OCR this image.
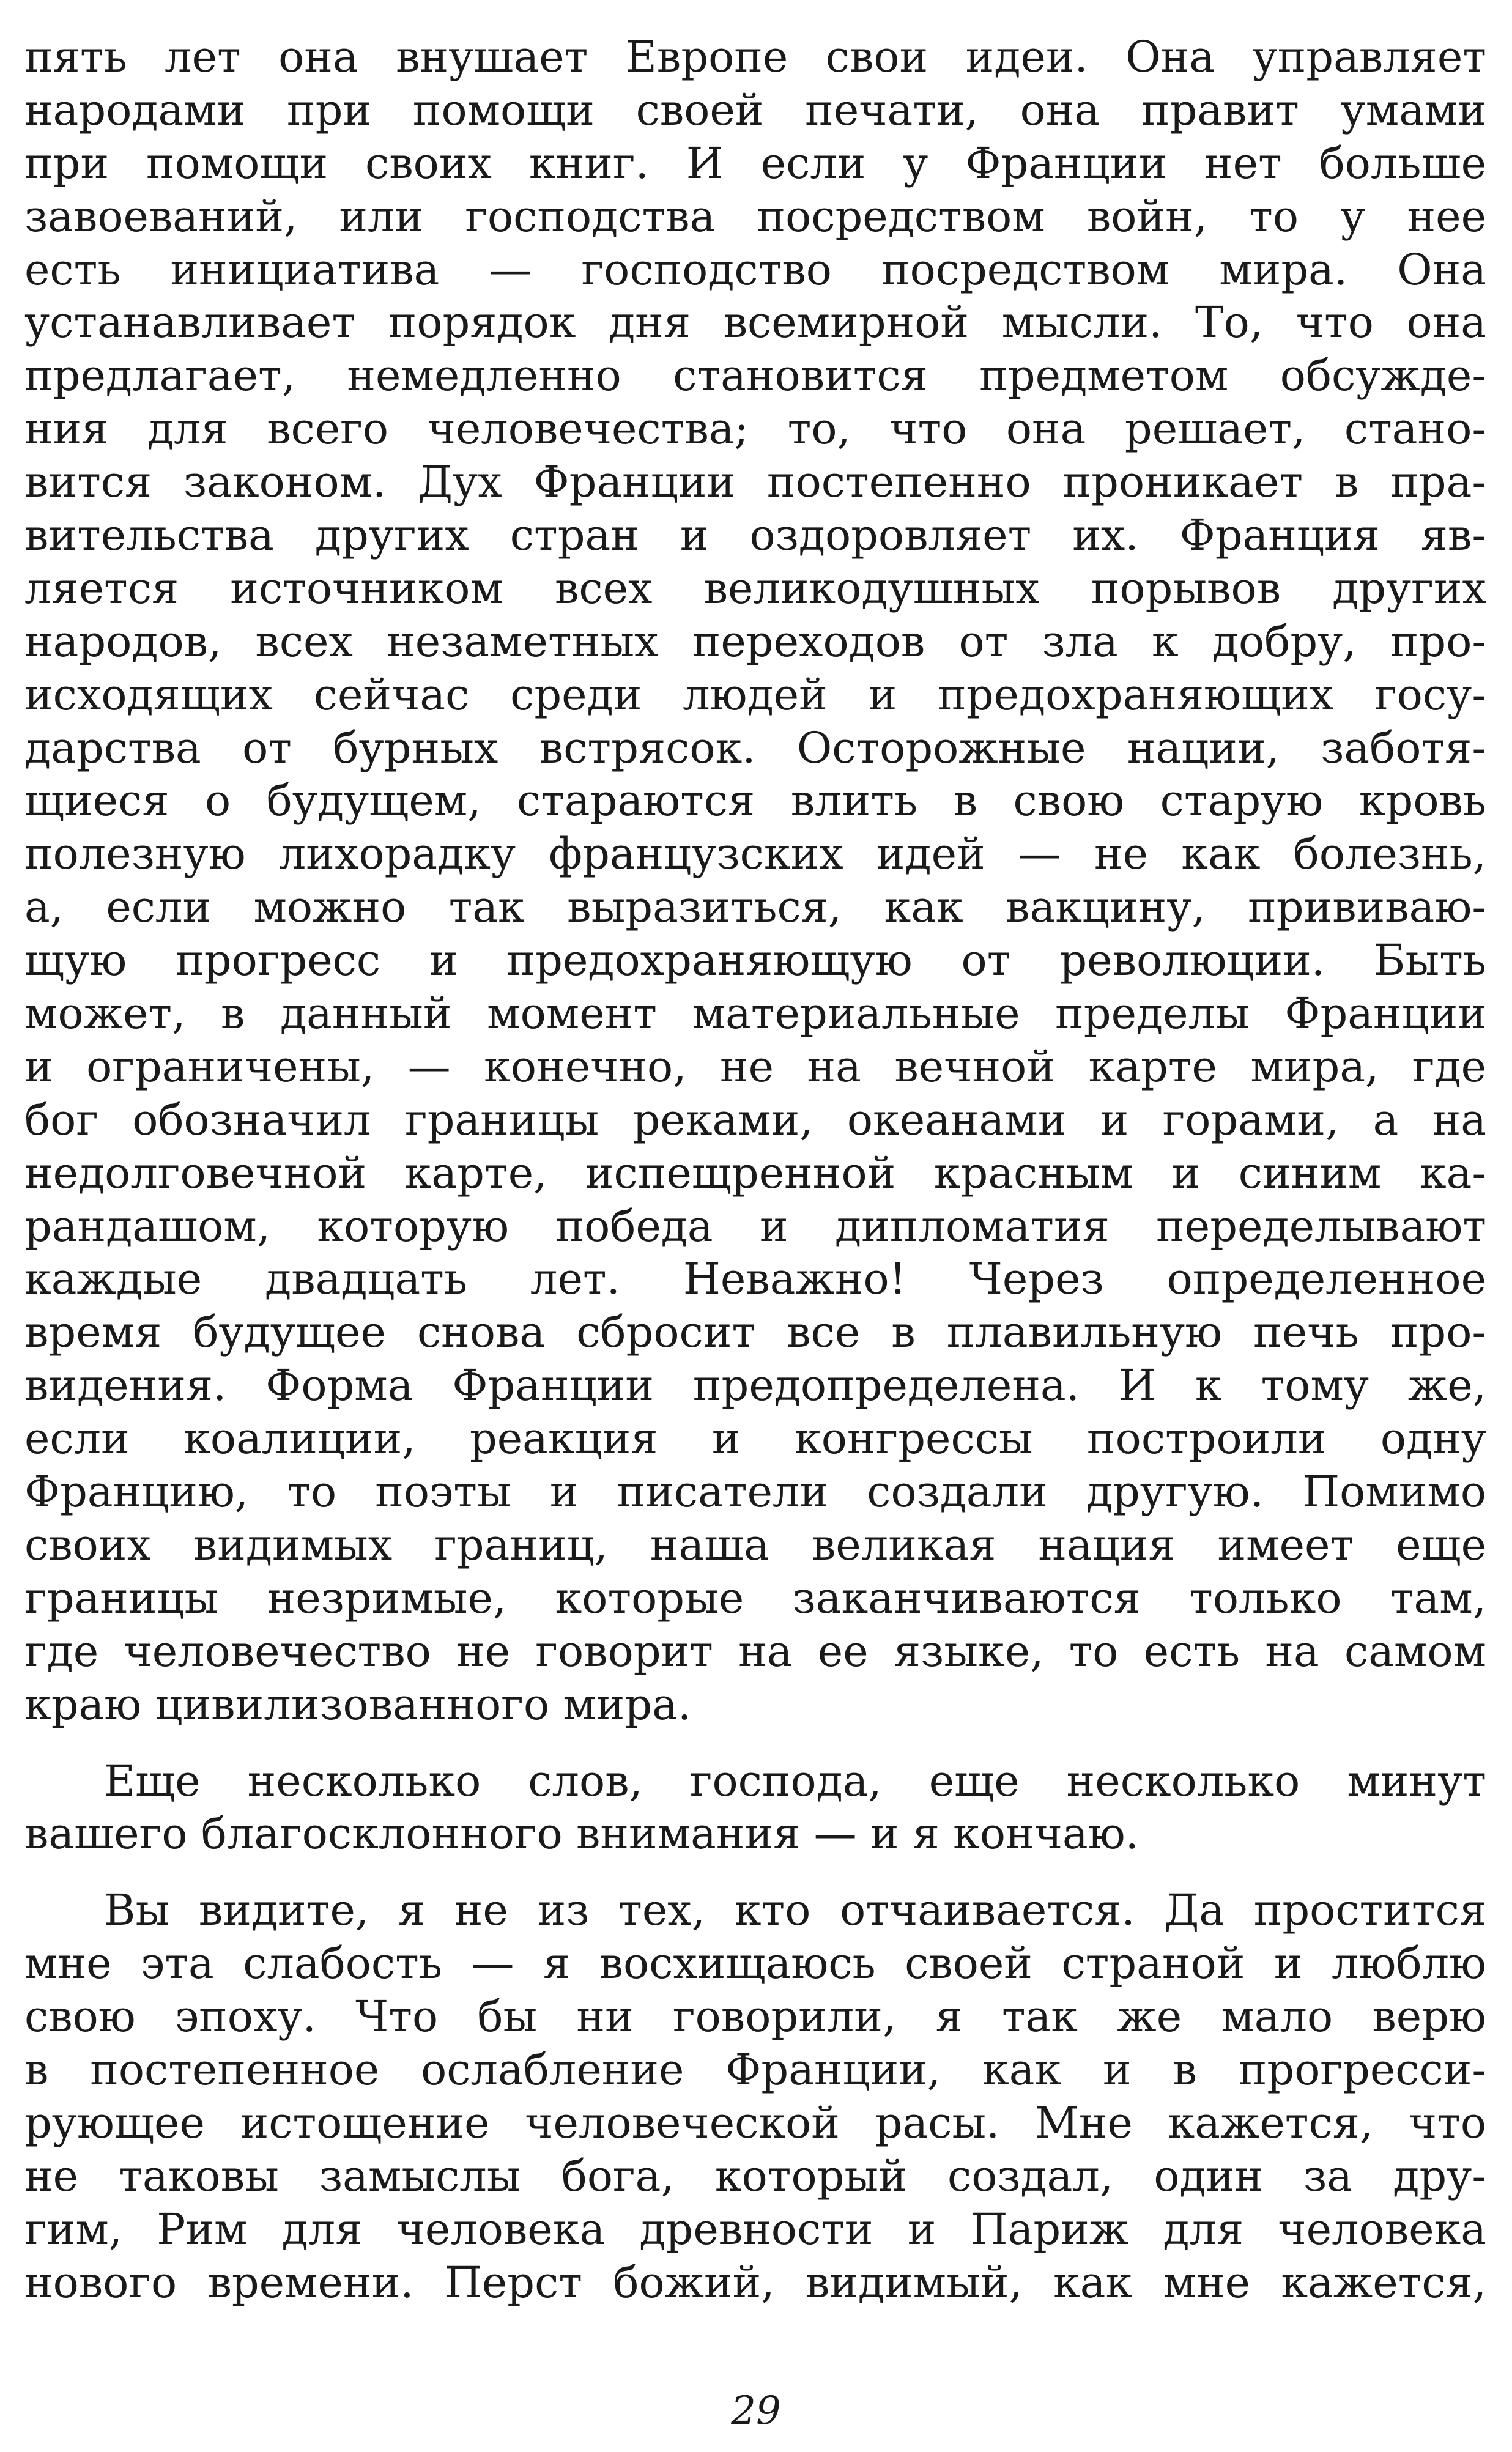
пять лет она внушает Европе свои идеи. Она управляет
народами при помощи своей печати, она правит умами
при помощи своих книг. И если у Франции нет больше
завоеваний, или господства посредством войн, то у нее
есть инициатива — господство посредством мира. Она
устанавливает порядок дня всемирной мысли. То, что она
предлагает, немедленно становится предметом обсужде-
ния для всего человечества; то, что она решает, стано-
вится законом. Дух Франции постепенно проникает в пра-
вительства других стран и оздоровляет их. Франция яв-
ляется источником всех великодушных порывов других
народов, всех незаметных переходов от зла к добру, про-
исходящих сейчас среди людей и предохраняющих госу-
дарства от бурных встрясок. Осторожные нации, заботя-
щиеся о будущем, стараются влить в свою старую кровь
полезную лихорадку французских идей — не как болезнь,
а, если можно так выразиться, как вакцину, прививаю-
щую прогресс и предохраняющую от революции. Быть
может, в данный момент материальные пределы Франции
и ограничены, — конечно, не на вечной карте мира, где
бог обозначил границы реками, океанами и горами, а на
недолговечной карте, испещренной красным и синим ка-
рандашом, которую победа и дипломатия переделывают
каждые двадцать лет. Неважно! Через определенное
время будущее снова сбросит все в плавильную печь про-
видения. Форма Франции предопределена. И к тому же,
если коалиции, реакция и конгрессы построили одну
Францию, то поэты и писатели создали другую. Помимо
своих видимых границ, наша великая нация имеет еще
границы незримые, которые заканчиваются только там,
где человечество не говорит на ее языке, то есть на самом
краю цивилизованного мира.
Еще несколько слов, господа, еще несколько минут
вашего благосклонного внимания — и я кончаю.
Вы видите, я не из тех, кто отчаивается. Да простится
мне эта слабость — я восхищаюсь своей страной и люблю
свою эпоху. Что бы ни говорили, я так же мало верю
в постепенное ослабление Франции, как и в прогресси-
рующее истощение человеческой расы. Мне кажется, что
не таковы замыслы бога, который создал, один за дру-
гим, Рим для человека древности и Париж для человека
нового времени. Перст божий, видимый, как мне кажется,
29
